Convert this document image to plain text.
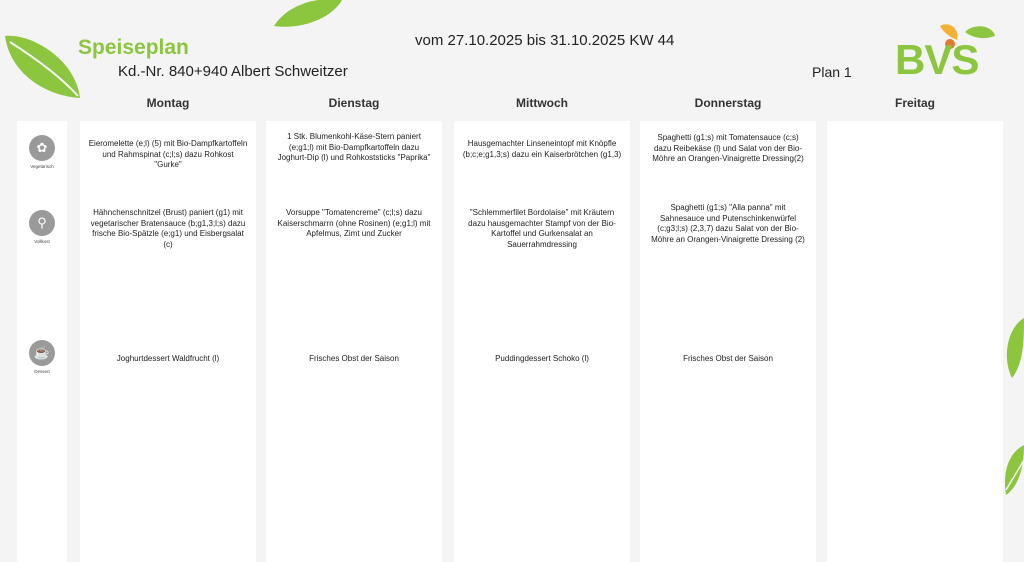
Speiseplan
Kd.-Nr. 840+940 Albert Schweitzer
vom 27.10.2025 bis 31.10.2025 KW 44
Plan 1 BVS
✿
Vegetarisch
⚲
Vollkost
☕
Dessert
Montag
Eieromelette (e;l) (5) mit Bio-Dampfkartoffeln und Rahmspinat (c;l;s) dazu Rohkost "Gurke"
Hähnchenschnitzel (Brust) paniert (g1) mit vegetarischer Bratensauce (b;g1,3;l;s) dazu frische Bio-Spätzle (e;g1) und Eisbergsalat (c)
Joghurtdessert Waldfrucht (l)
Dienstag
1 Stk. Blumenkohl-Käse-Stern paniert (e;g1;l) mit Bio-Dampfkartoffeln dazu Joghurt-Dip (l) und Rohkoststicks "Paprika"
Vorsuppe "Tomatencreme" (c;l;s) dazu Kaiserschmarrn (ohne Rosinen) (e;g1;l) mit Apfelmus, Zimt und Zucker
Frisches Obst der Saison
Mittwoch
Hausgemachter Linseneintopf mit Knöpfle (b;c;e;g1,3;s) dazu ein Kaiserbrötchen (g1,3)
"Schlemmerfilet Bordolaise" mit Kräutern dazu hausgemachter Stampf von der Bio-Kartoffel und Gurkensalat an Sauerrahmdressing
Puddingdessert Schoko (l)
Donnerstag
Spaghetti (g1;s) mit Tomatensauce (c;s) dazu Reibekäse (l) und Salat von der Bio-Möhre an Orangen-Vinaigrette Dressing(2)
Spaghetti (g1;s) "Alla panna" mit Sahnesauce und Putenschinkenwürfel (c;g3;l;s) (2,3,7) dazu Salat von der Bio-Möhre an Orangen-Vinaigrette Dressing (2)
Frisches Obst der Saison
Freitag
